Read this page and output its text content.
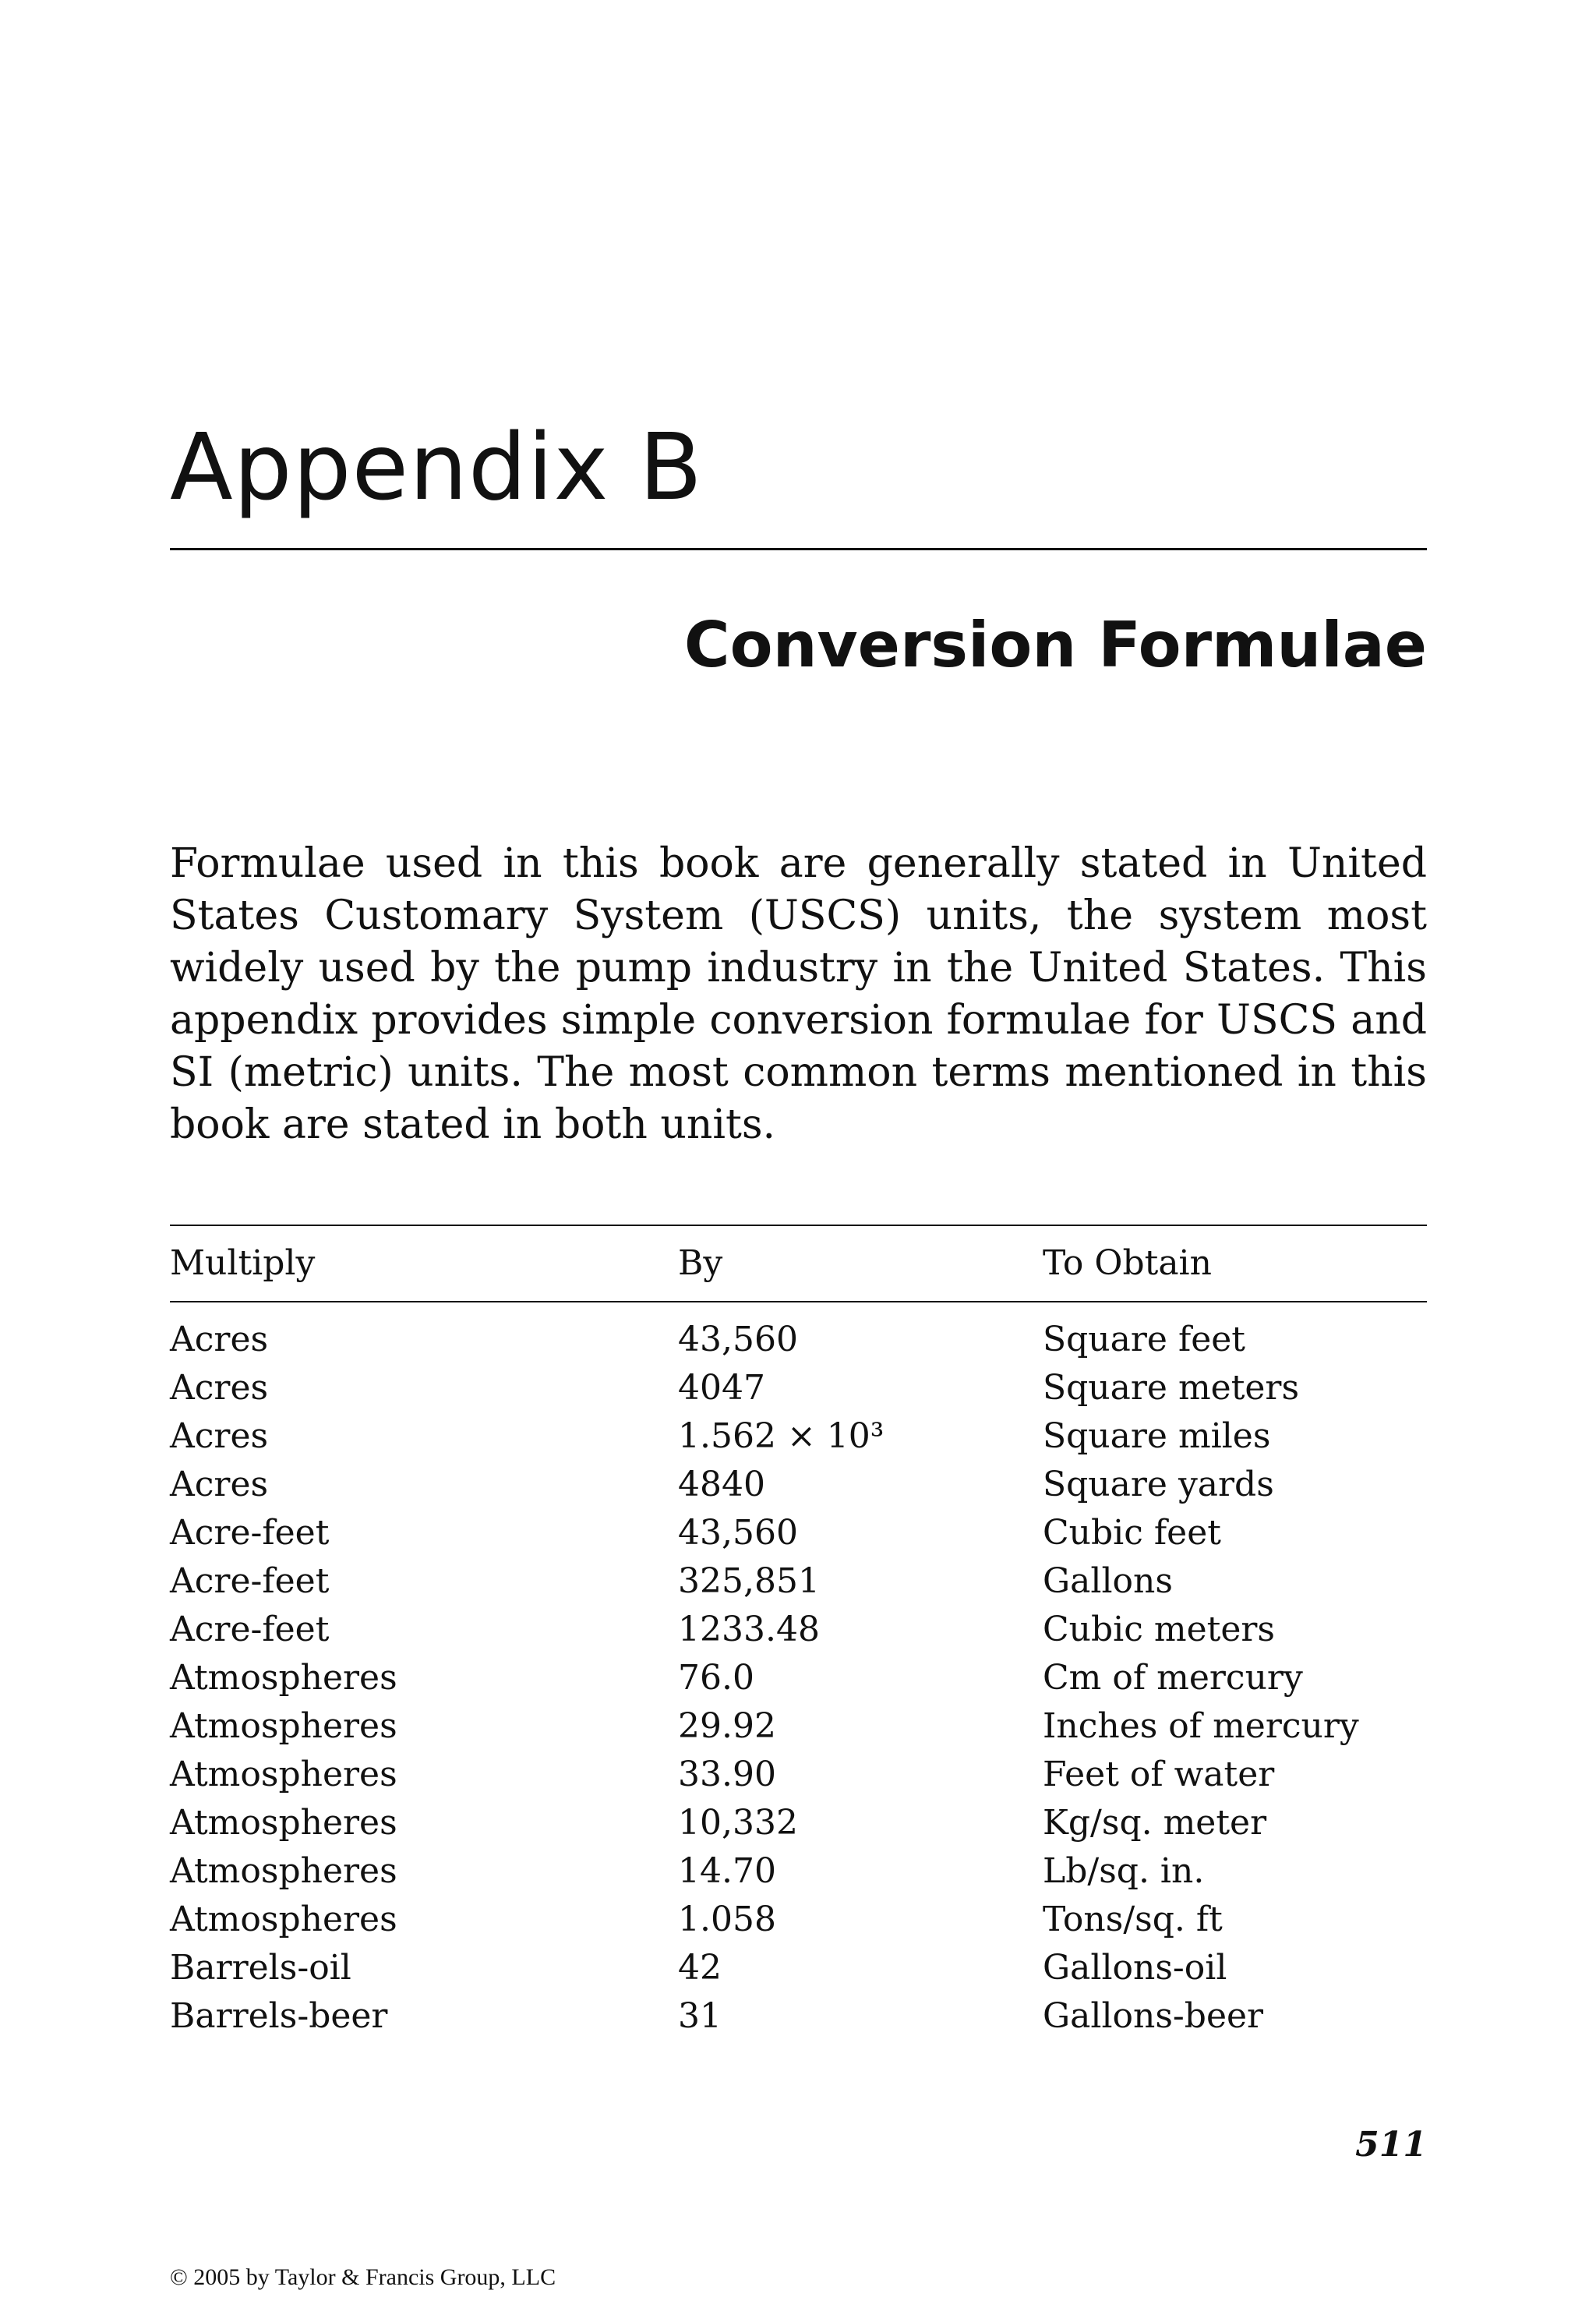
Appendix B
Conversion Formulae

Formulae used in this book are generally stated in United States Customary System (USCS) units, the system most widely used by the pump industry in the United States. This appendix provides simple conversion formulae for USCS and SI (metric) units. The most common terms mentioned in this book are stated in both units.

Multiply	By	To Obtain
Acres	43,560	Square feet
Acres	4047	Square meters
Acres	1.562 × 10³	Square miles
Acres	4840	Square yards
Acre-feet	43,560	Cubic feet
Acre-feet	325,851	Gallons
Acre-feet	1233.48	Cubic meters
Atmospheres	76.0	Cm of mercury
Atmospheres	29.92	Inches of mercury
Atmospheres	33.90	Feet of water
Atmospheres	10,332	Kg/sq. meter
Atmospheres	14.70	Lb/sq. in.
Atmospheres	1.058	Tons/sq. ft
Barrels-oil	42	Gallons-oil
Barrels-beer	31	Gallons-beer
511
© 2005 by Taylor & Francis Group, LLC
